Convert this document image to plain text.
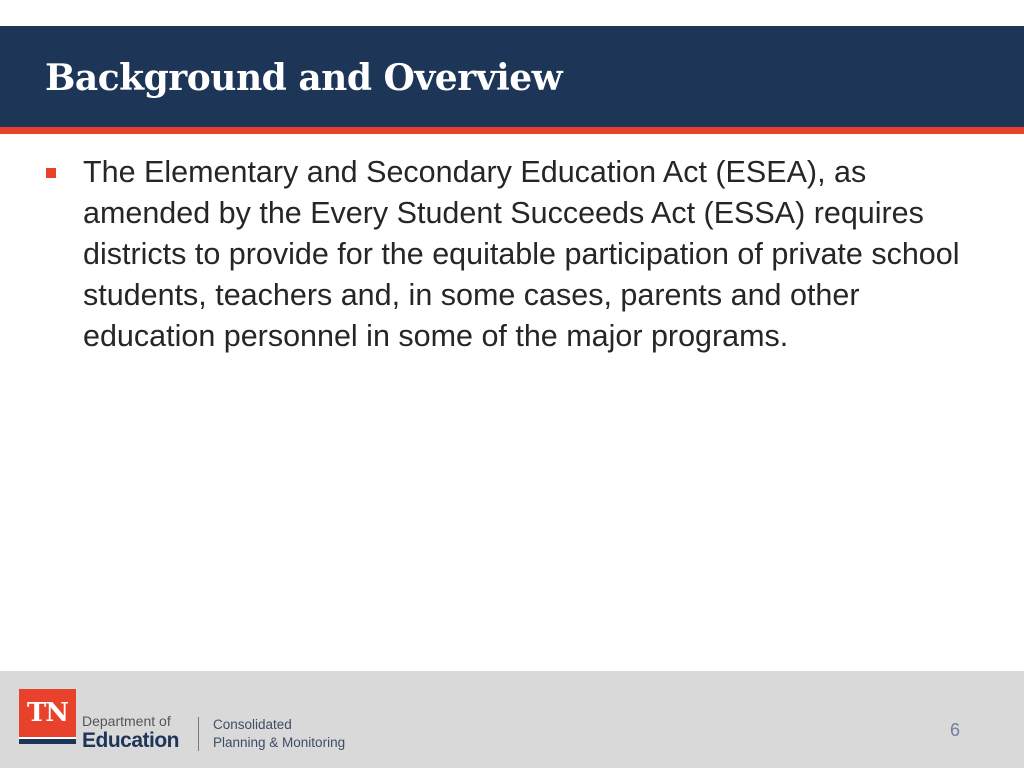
Background and Overview
The Elementary and Secondary Education Act (ESEA), as amended by the Every Student Succeeds Act (ESSA) requires districts to provide for the equitable participation of private school students, teachers and, in some cases, parents and other education personnel in some of the major programs.
TN Department of
Education
Consolidated
Planning & Monitoring
6
